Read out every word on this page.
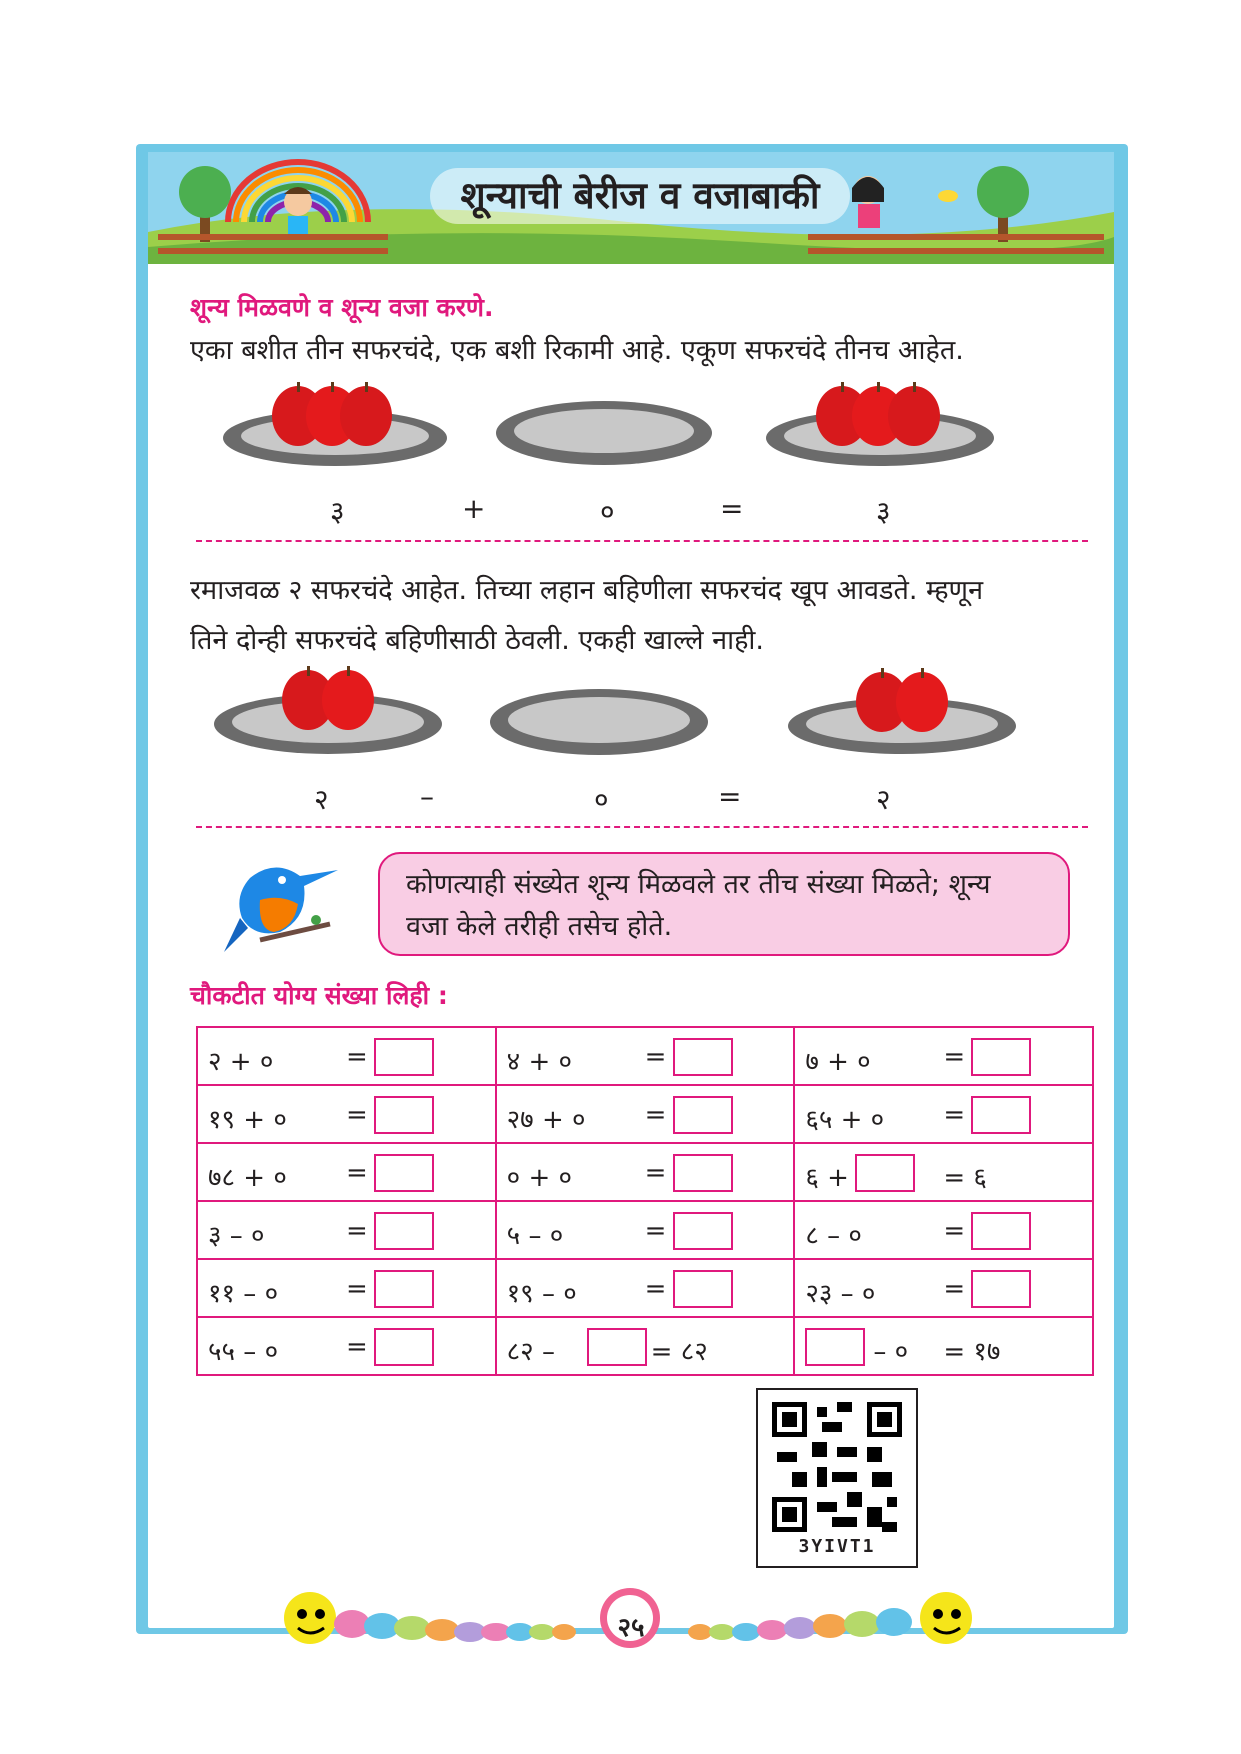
शून्याची बेरीज व वजाबाकी
शून्य मिळवणे व शून्य वजा करणे.
एका बशीत तीन सफरचंदे, एक बशी रिकामी आहे. एकूण सफरचंदे तीनच आहेत.
३	+	०	=	३
रमाजवळ २ सफरचंदे आहेत. तिच्या लहान बहिणीला सफरचंद खूप आवडते. म्हणून
तिने दोन्ही सफरचंदे बहिणीसाठी ठेवली. एकही खाल्ले नाही.
२	–	०	=	२
कोणत्याही संख्येत शून्य मिळवले तर तीच संख्या मिळते; शून्य
वजा केले तरीही तसेच होते.
चौकटीत योग्य संख्या लिही :
२ + ० =	४ + ० =	७ + ० =

१९ + ० =	२७ + ० =	६५ + ० =

७८ + ० =	० + ० =	६ + = ६

३ – ० =	५ – ० =	८ – ० =

११ – ० =	१९ – ० =	२३ – ० =

५५ – ० =	८२ – = ८२	– ० = १७
3YIVT1
२५
